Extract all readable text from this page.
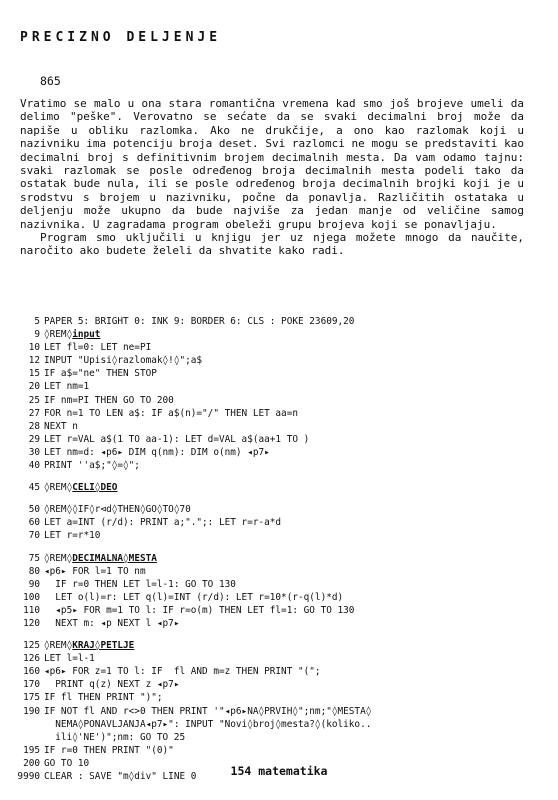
PRECIZNO DELJENJE
865

Vratimo se malo u ona stara romantična vremena kad smo još brojeve umeli da delimo "peške". Verovatno se sećate da se svaki decimalni broj može da napiše u obliku razlomka. Ako ne drukčije, a ono kao razlomak koji u nazivniku ima potenciju broja deset. Svi razlomci ne mogu se predstaviti kao decimalni broj s definitivnim brojem decimalnih mesta. Da vam odamo tajnu: svaki razlomak se posle određenog broja decimalnih mesta podeli tako da ostatak bude nula, ili se posle određenog broja decimalnih brojki koji je u srodstvu s brojem u nazivniku, počne da ponavlja. Različitih ostataka u deljenju može ukupno da bude najviše za jedan manje od veličine samog nazivnika. U zagradama program obeleži grupu brojeva koji se ponavljaju.

Program smo uključili u knjigu jer uz njega možete mnogo da naučite, naročito ako budete želeli da shvatite kako radi.

5 PAPER 5: BRIGHT 0: INK 9: BORDER 6: CLS : POKE 23609,20
9 ◊REM◊input
10 LET fl=0: LET ne=PI
12 INPUT "Upisi◊razlomak◊!◊";a$
15 IF a$="ne" THEN STOP
20 LET nm=1
25 IF nm=PI THEN GO TO 200
27 FOR n=1 TO LEN a$: IF a$(n)="/" THEN LET aa=n
28 NEXT n
29 LET r=VAL a$(1 TO aa-1): LET d=VAL a$(aa+1 TO )
30 LET nm=d: ◂p6▸ DIM q(nm): DIM o(nm) ◂p7▸
40 PRINT ''a$;"◊=◊";
45 ◊REM◊CELI◊DEO
50 ◊REM◊◊IF◊r⊲d◊THEN◊GO◊TO◊70
60 LET a=INT (r/d): PRINT a;".";: LET r=r-a*d
70 LET r=r*10
75 ◊REM◊DECIMALNA◊MESTA
80 ◂p6▸ FOR l=1 TO nm
90 IF r=0 THEN LET l=l-1: GO TO 130
100 LET o(l)=r: LET q(l)=INT (r/d): LET r=10*(r-q(l)*d)
110 ◂p5▸ FOR m=1 TO l: IF r=o(m) THEN LET fl=1: GO TO 130
120 NEXT m: ◂p NEXT l ◂p7▸
125 ◊REM◊KRAJ◊PETLJE
126 LET l=l-1
160 ◂p6▸ FOR z=1 TO l: IF  fl AND m=z THEN PRINT "(";
170 PRINT q(z) NEXT z ◂p7▸
175 IF fl THEN PRINT ")";
190 IF NOT fl AND r<>0 THEN PRINT '"◂p6▸NA◊PRVIH◊";nm;"◊MESTA◊
NEMA◊PONAVLJANJA◂p7▸": INPUT "Novi◊broj◊mesta?◊(koliko..
ili◊'NE')";nm: GO TO 25
195 IF r=0 THEN PRINT "(0)"
200 GO TO 10
9990 CLEAR : SAVE "m◊div" LINE 0	154 matematika
